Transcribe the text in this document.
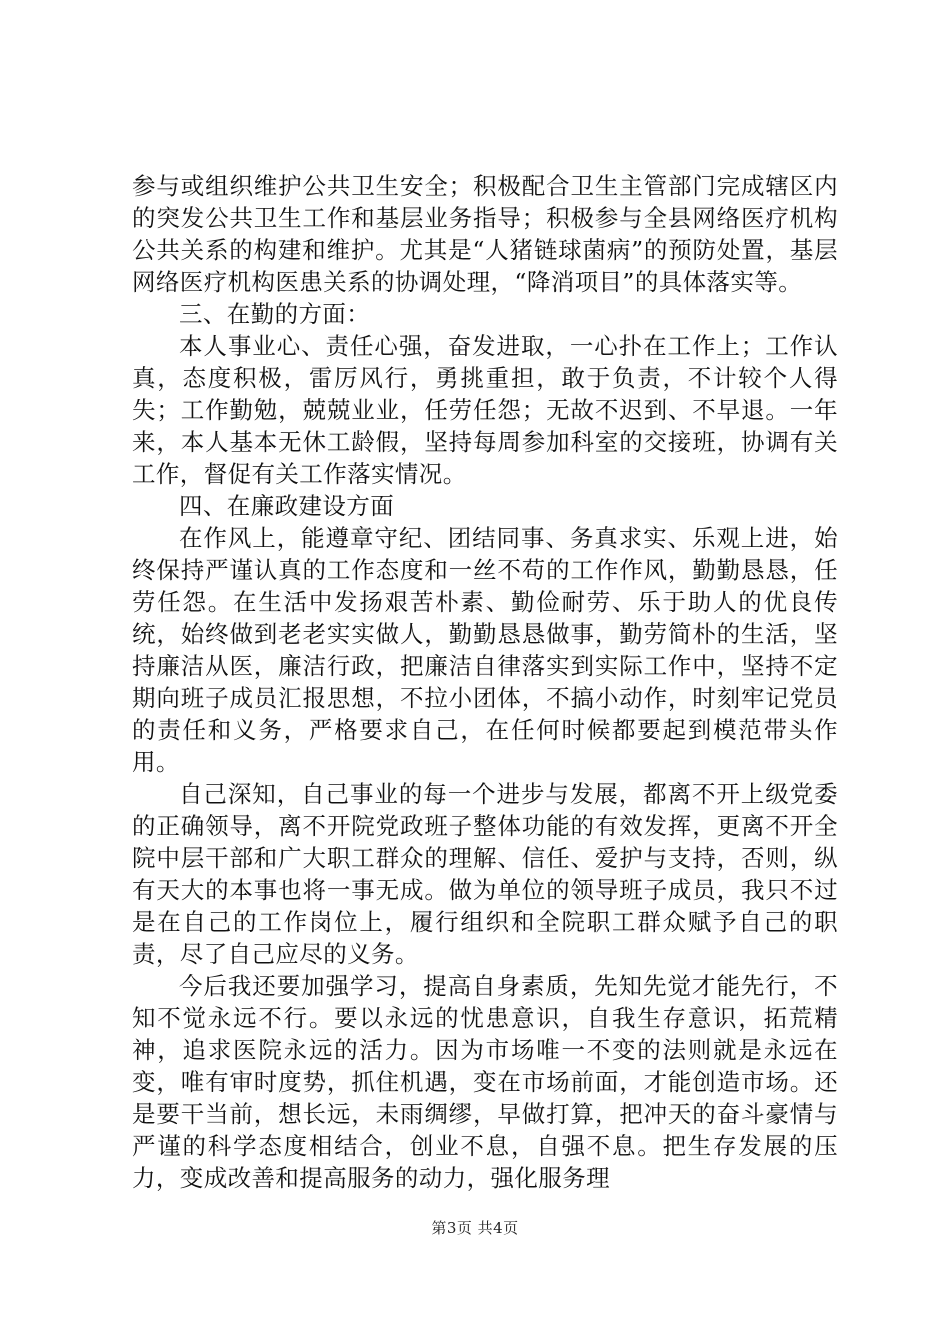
参与或组织维护公共卫生安全；积极配合卫生主管部门完成辖区内的突发公共卫生工作和基层业务指导；积极参与全县网络医疗机构公共关系的构建和维护。尤其是“人猪链球菌病”的预防处置，基层网络医疗机构医患关系的协调处理，“降消项目”的具体落实等。

三、在勤的方面：

本人事业心、责任心强，奋发进取，一心扑在工作上；工作认真，态度积极，雷厉风行，勇挑重担，敢于负责，不计较个人得失；工作勤勉，兢兢业业，任劳任怨；无故不迟到、不早退。一年来，本人基本无休工龄假，坚持每周参加科室的交接班，协调有关工作，督促有关工作落实情况。

四、在廉政建设方面

在作风上，能遵章守纪、团结同事、务真求实、乐观上进，始终保持严谨认真的工作态度和一丝不苟的工作作风，勤勤恳恳，任劳任怨。在生活中发扬艰苦朴素、勤俭耐劳、乐于助人的优良传统，始终做到老老实实做人，勤勤恳恳做事，勤劳简朴的生活，坚持廉洁从医，廉洁行政，把廉洁自律落实到实际工作中，坚持不定期向班子成员汇报思想，不拉小团体，不搞小动作，时刻牢记党员的责任和义务，严格要求自己，在任何时候都要起到模范带头作用。

自己深知，自己事业的每一个进步与发展，都离不开上级党委的正确领导，离不开院党政班子整体功能的有效发挥，更离不开全院中层干部和广大职工群众的理解、信任、爱护与支持，否则，纵有天大的本事也将一事无成。做为单位的领导班子成员，我只不过是在自己的工作岗位上，履行组织和全院职工群众赋予自己的职责，尽了自己应尽的义务。

今后我还要加强学习，提高自身素质，先知先觉才能先行，不知不觉永远不行。要以永远的忧患意识，自我生存意识，拓荒精神，追求医院永远的活力。因为市场唯一不变的法则就是永远在变，唯有审时度势，抓住机遇，变在市场前面，才能创造市场。还是要干当前，想长远，未雨绸缪，早做打算，把冲天的奋斗豪情与严谨的科学态度相结合，创业不息，自强不息。把生存发展的压力，变成改善和提高服务的动力，强化服务理

第3页 共4页
